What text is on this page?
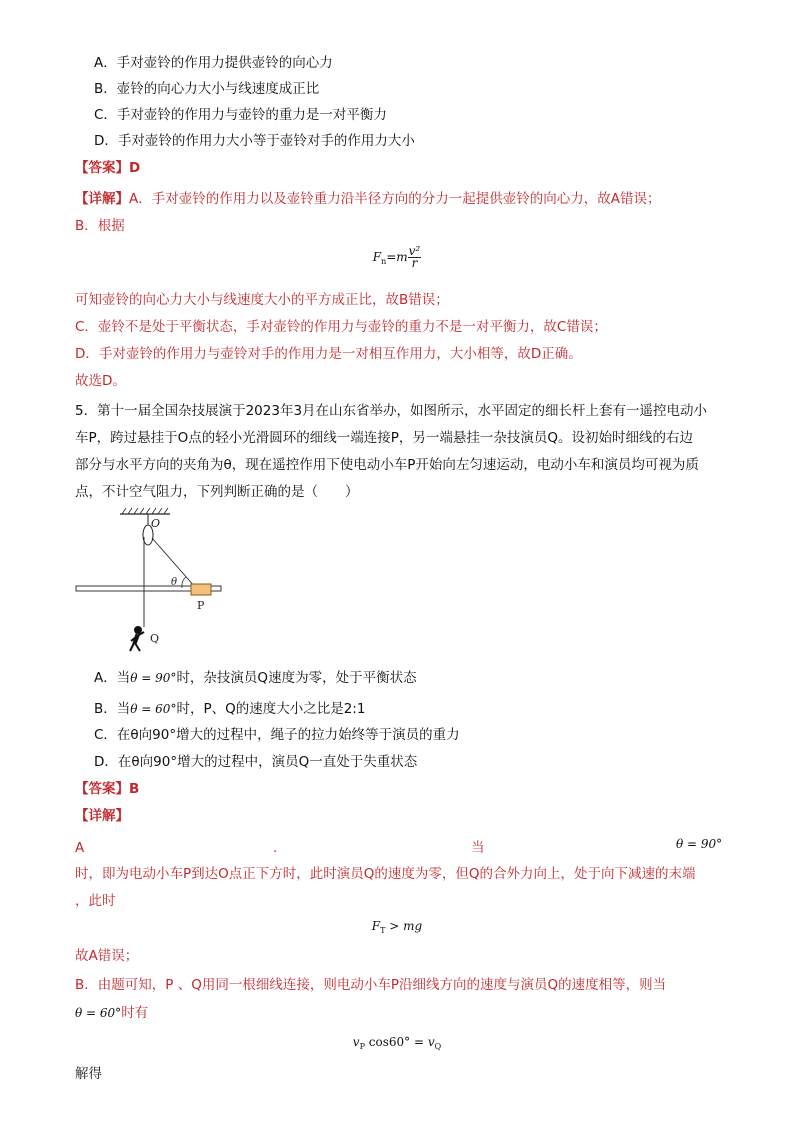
A．手对壶铃的作用力提供壶铃的向心力
B．壶铃的向心力大小与线速度成正比
C．手对壶铃的作用力与壶铃的重力是一对平衡力
D．手对壶铃的作用力大小等于壶铃对手的作用力大小
【答案】D
【详解】A．手对壶铃的作用力以及壶铃重力沿半径方向的分力一起提供壶铃的向心力，故A错误；
B．根据
$F_n=m \frac{\text{v²}}{r}$
可知壶铃的向心力大小与线速度大小的平方成正比，故B错误；
C．壶铃不是处于平衡状态，手对壶铃的作用力与壶铃的重力不是一对平衡力，故C错误；
D．手对壶铃的作用力与壶铃对手的作用力是一对相互作用力，大小相等，故D正确。
故选D。
5．第十一届全国杂技展演于2023年3月在山东省举办，如图所示，水平固定的细长杆上套有一遥控电动小
车P，跨过悬挂于O点的轻小光滑圆环的细线一端连接P，另一端悬挂一杂技演员Q。设初始时细线的右边
部分与水平方向的夹角为θ，现在遥控作用下使电动小车P开始向左匀速运动，电动小车和演员均可视为质
点，不计空气阻力，下列判断正确的是（　　）
O
θ
P
Q
A．当θ = 90°时，杂技演员Q速度为零，处于平衡状态
B．当θ = 60°时，P、Q的速度大小之比是2:1
C．在θ向90°增大的过程中，绳子的拉力始终等于演员的重力
D．在θ向90°增大的过程中，演员Q一直处于失重状态
【答案】B
【详解】
A	.	当	θ = 90°
时，即为电动小车P到达O点正下方时，此时演员Q的速度为零，但Q的合外力向上，处于向下减速的末端
，此时
$F_T$ > mg
故A错误；
B．由题可知，P 、Q用同一根细线连接，则电动小车P沿细线方向的速度与演员Q的速度相等，则当
θ = 60°时有
$v_P$ $\cos 60^\circ = v_Q$
解得
